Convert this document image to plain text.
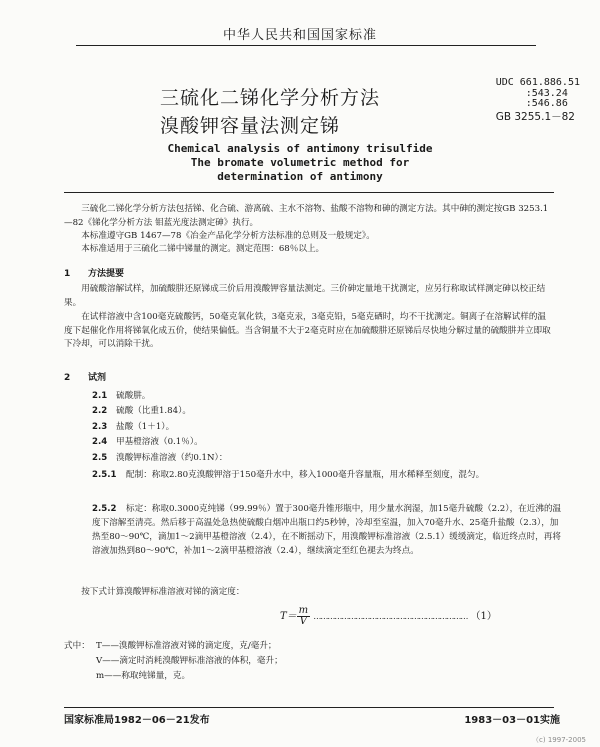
中华人民共和国国家标准
三硫化二锑化学分析方法
溴酸钾容量法测定锑
UDC 661.886.51
:543.24
:546.86
GB 3255.1－82
Chemical analysis of antimony trisulfide
The bromate volumetric method for
determination of antimony
三硫化二锑化学分析方法包括锑、化合硫、游离硫、主水不溶物、盐酸不溶物和砷的测定方法。其中砷的测定按GB 3253.1—82《锑化学分析方法 钼蓝光度法测定砷》执行。
本标准遵守GB 1467—78《冶金产品化学分析方法标准的总则及一般规定》。
本标准适用于三硫化二锑中锑量的测定。测定范围：68％以上。
1 方法提要
用硫酸溶解试样，加硫酸肼还原锑成三价后用溴酸钾容量法测定。三价砷定量地干扰测定，应另行称取试样测定砷以校正结果。
在试样溶液中含100毫克硫酸钙，50毫克氧化铁，3毫克汞，3毫克铅，5毫克硒时，均不干扰测定。铜离子在溶解试样的温度下起催化作用将锑氧化成五价，使结果偏低。当含铜量不大于2毫克时应在加硫酸肼还原锑后尽快地分解过量的硫酸肼并立即取下冷却，可以消除干扰。
2 试剂
2.1 硫酸肼。
2.2 硫酸（比重1.84）。
2.3 盐酸（1＋1）。
2.4 甲基橙溶液（0.1％）。
2.5 溴酸钾标准溶液（约0.1N）：
2.5.1 配制：称取2.80克溴酸钾溶于150毫升水中，移入1000毫升容量瓶，用水稀释至刻度，混匀。
2.5.2 标定：称取0.3000克纯锑（99.99％）置于300毫升锥形瓶中，用少量水润湿，加15毫升硫酸（2.2），在近沸的温度下溶解至清亮。然后移于高温处急热使硫酸白烟冲出瓶口约5秒钟，冷却至室温，加入70毫升水、25毫升盐酸（2.3），加热至80～90℃，滴加1～2滴甲基橙溶液（2.4），在不断摇动下，用溴酸钾标准溶液（2.5.1）缓缓滴定，临近终点时，再将溶液加热到80～90℃，补加1～2滴甲基橙溶液（2.4），继续滴定至红色褪去为终点。
按下式计算溴酸钾标准溶液对锑的滴定度：
$T= \frac{m}{V}$ ………………………………………………………… （1）
式中： T——溴酸钾标准溶液对锑的滴定度，克/毫升；
V——滴定时消耗溴酸钾标准溶液的体积，毫升；
m——称取纯锑量，克。
国家标准局1982－06－21发布	1983－03－01实施
（c) 1997-2005
